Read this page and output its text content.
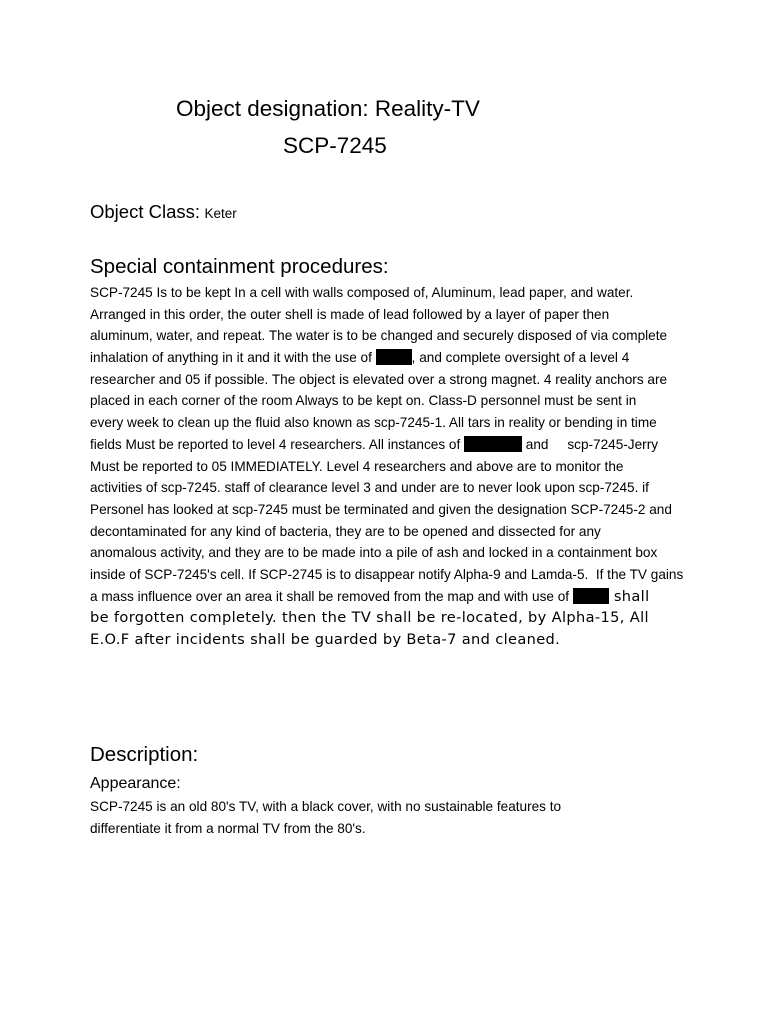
Object designation: Reality-TV
SCP-7245
Object Class: Keter
Special containment procedures:
SCP-7245 Is to be kept In a cell with walls composed of, Aluminum, lead paper, and water.
Arranged in this order, the outer shell is made of lead followed by a layer of paper then
aluminum, water, and repeat. The water is to be changed and securely disposed of via complete
inhalation of anything in it and it with the use of	, and complete oversight of a level 4
researcher and 05 if possible. The object is elevated over a strong magnet. 4 reality anchors are
placed in each corner of the room Always to be kept on. Class-D personnel must be sent in
every week to clean up the fluid also known as scp-7245-1. All tars in reality or bending in time
fields Must be reported to level 4 researchers. All instances of	and     scp-7245-Jerry
Must be reported to 05 IMMEDIATELY. Level 4 researchers and above are to monitor the
activities of scp-7245. staff of clearance level 3 and under are to never look upon scp-7245. if
Personel has looked at scp-7245 must be terminated and given the designation SCP-7245-2 and
decontaminated for any kind of bacteria, they are to be opened and dissected for any
anomalous activity, and they are to be made into a pile of ash and locked in a containment box
inside of SCP-7245's cell. If SCP-2745 is to disappear notify Alpha-9 and Lamda-5.  If the TV gains
a mass influence over an area it shall be removed from the map and with use of  shall
be forgotten completely. then the TV shall be re-located, by Alpha-15, All
E.O.F after incidents shall be guarded by Beta-7 and cleaned.
Description:
Appearance:
SCP-7245 is an old 80's TV, with a black cover, with no sustainable features to
differentiate it from a normal TV from the 80's.
